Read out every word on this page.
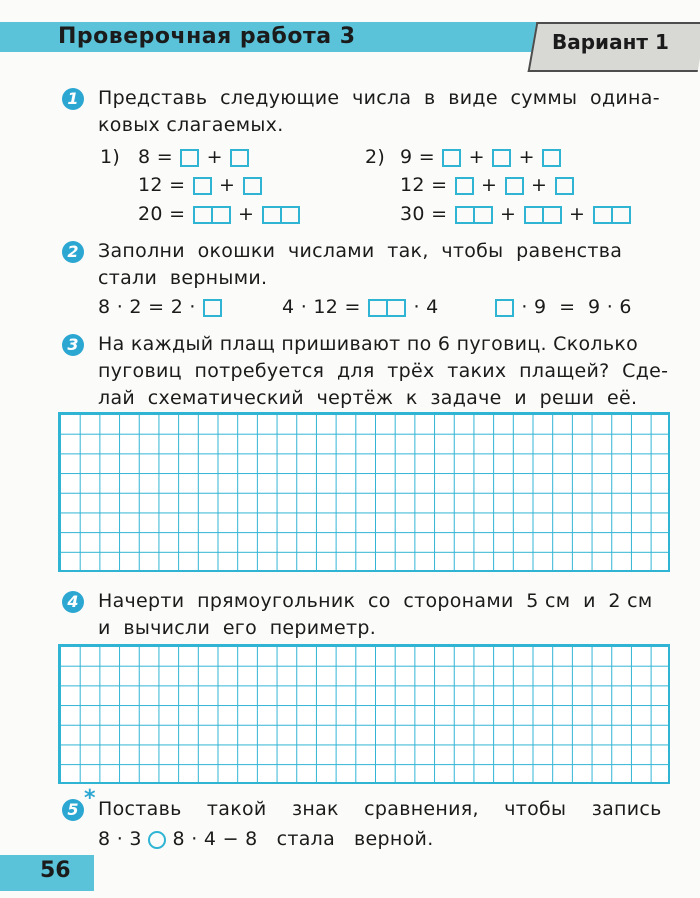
Проверочная работа 3	Вариант 1
1 Представь  следующие  числа  в  виде  суммы  одина-
ковых слагаемых.
1) 8 = +
12 = +
20 =	+
2) 9 = + +
12 = + +
30 =	+	+
2 Заполни  окошки  числами  так,  чтобы  равенства
стали  верными.
8 · 2 = 2 ·	4 · 12 =	· 4	· 9  =  9 · 6
3 На каждый плащ пришивают по 6 пуговиц. Сколько
пуговиц  потребуется  для  трёх  таких  плащей?  Сде-
лай  схематический  чертёж  к  задаче  и  реши  её.
4 Начерти  прямоугольник  со  сторонами  5 см  и  2 см
и  вычисли  его  периметр.
5 * Поставь    такой    знак    сравнения,    чтобы    запись
8 · 3 8 · 4 − 8   стала   верной.
56
